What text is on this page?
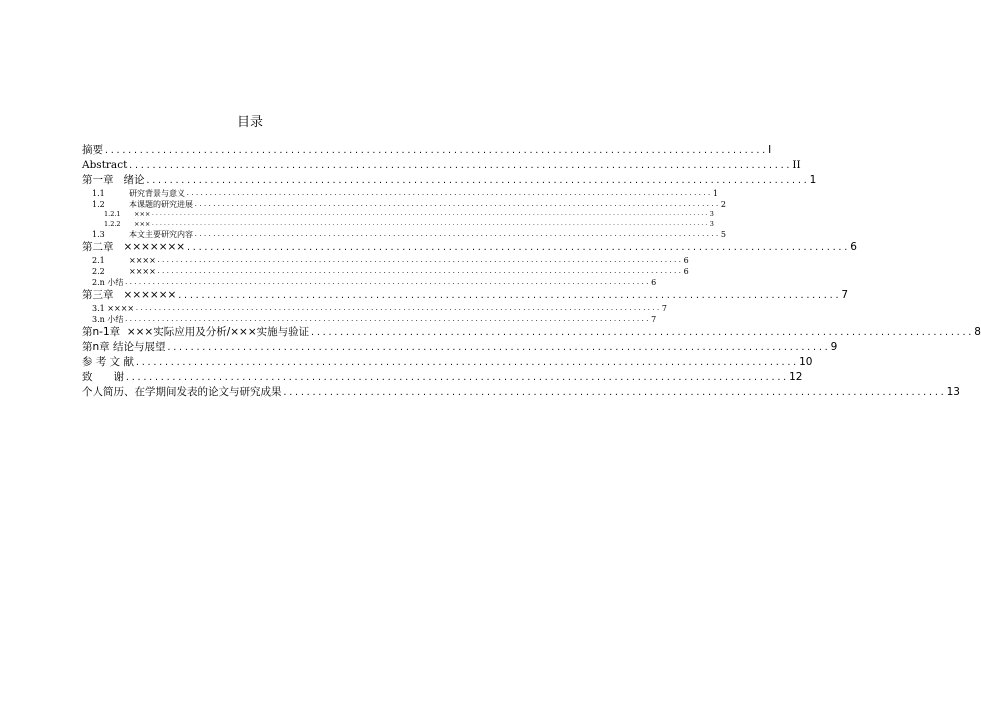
目录
摘要 .................................................................................................................. I
Abstract .................................................................................................................. II
第一章 绪论 .................................................................................................................. 1
1.1	研究背景与意义 .................................................................................................................. 1
1.2	本课题的研究进展 .................................................................................................................. 2
1.2.1 ××× ........................................................................................................................................... 3
1.2.2 ××× ........................................................................................................................................... 3
1.3	本文主要研究内容 .................................................................................................................. 5
第二章 ××××××× .................................................................................................................. 6
2.1	×××× .................................................................................................................. 6
2.2	×××× .................................................................................................................. 6
2.n 小结 .................................................................................................................. 6
第三章 ×××××× .................................................................................................................. 7
3.1 ×××× .................................................................................................................. 7
3.n 小结 .................................................................................................................. 7
第n-1章 ×××实际应用及分析/×××实施与验证 .................................................................................................................. 8
第n章 结论与展望 .................................................................................................................. 9
参 考 文 献 .................................................................................................................. 10
致　　谢 .................................................................................................................. 12
个人简历、在学期间发表的论文与研究成果 .................................................................................................................. 13
